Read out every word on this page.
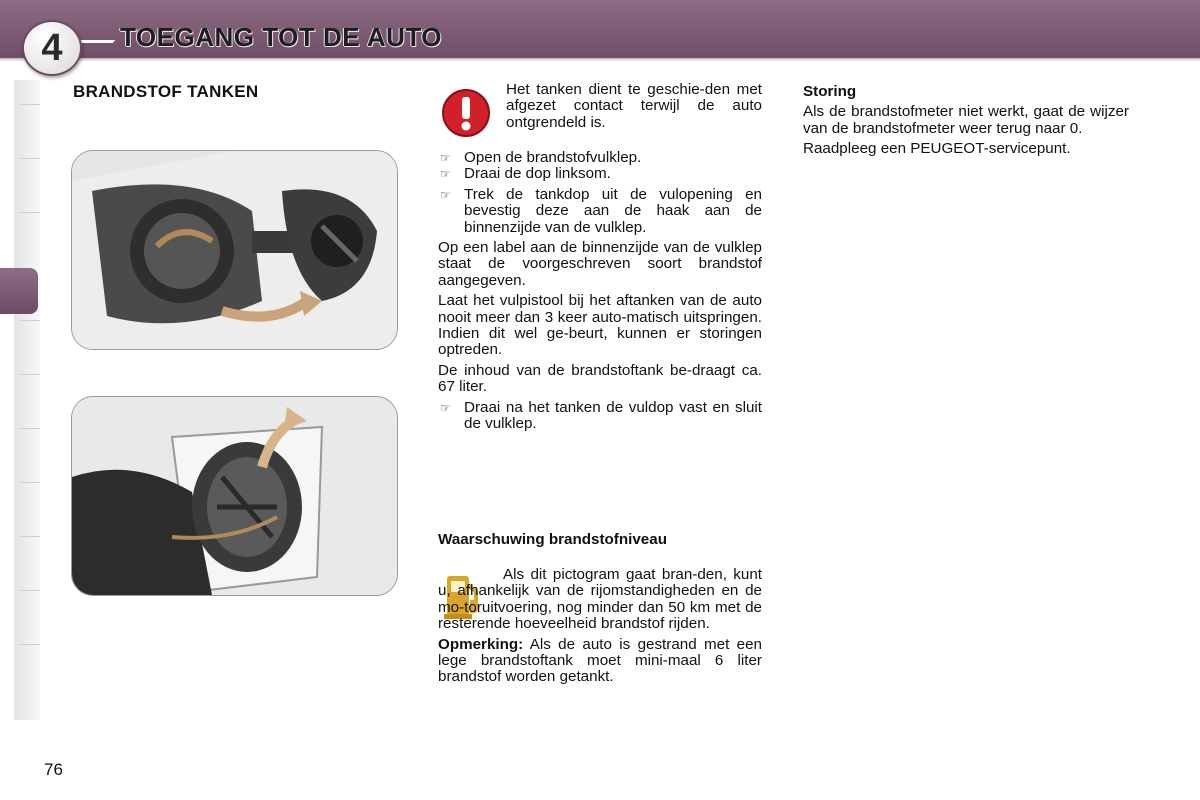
4	TOEGANG TOT DE AUTO
BRANDSTOF TANKEN	Het tanken dient te geschie-den met afgezet contact terwijl de auto ontgrendeld is.

☞ Open de brandstofvulklep.
☞ Draai de dop linksom.
☞ Trek de tankdop uit de vulopening en bevestig deze aan de haak aan de binnenzijde van de vulklep.

Op een label aan de binnenzijde van de vulklep staat de voorgeschreven soort brandstof aangegeven.

Laat het vulpistool bij het aftanken van de auto nooit meer dan 3 keer auto-matisch uitspringen. Indien dit wel ge-beurt, kunnen er storingen optreden.

De inhoud van de brandstoftank be-draagt ca. 67 liter.

☞ Draai na het tanken de vuldop vast en sluit de vulklep.
Waarschuwing brandstofniveau

Als dit pictogram gaat bran-den, kunt u, afhankelijk van de rijomstandigheden en de mo-toruitvoering, nog minder dan 50 km met de resterende hoeveelheid brandstof rijden.

Opmerking: Als de auto is gestrand met een lege brandstoftank moet mini-maal 6 liter brandstof worden getankt.

Storing

Als de brandstofmeter niet werkt, gaat de wijzer van de brandstofmeter weer terug naar 0.

Raadpleeg een PEUGEOT-servicepunt.

76
